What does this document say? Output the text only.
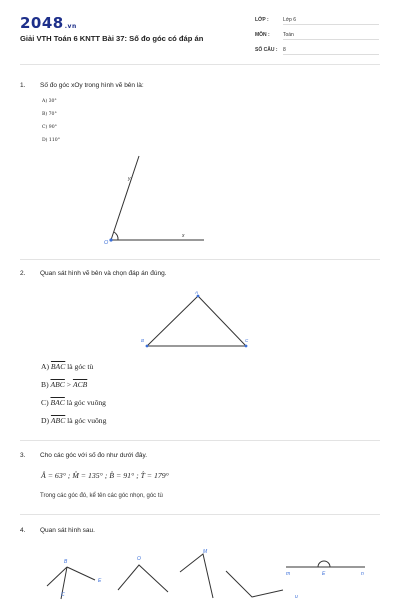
2048.vn
Giải VTH Toán 6 KNTT Bài 37: Số đo góc có đáp án
LỚP :	Lớp 6
MÔN :	Toán
SỐ CÂU : 8
1. Số đo góc xOy trong hình vẽ bên là:
A) 30°
B) 70°
C) 90°
D) 110°
O
y
x
2. Quan sát hình vẽ bên và chọn đáp án đúng.
A
B	C
A) $\overline{BAC}$ là góc tù
B) $\overline{ABC} > \overline{ACB}$
C) $\overline{BAC}$ là góc vuông
D) $\overline{ABC}$ là góc vuông
3. Cho các góc với số đo như dưới đây.
Â = 63° ; M̂ = 135° ; B̂ = 91° ; T̂ = 179°
Trong các góc đó, kể tên các góc nhọn, góc tù
4. Quan sát hình sau.
B
E
C
O
M
m	E	n
u
